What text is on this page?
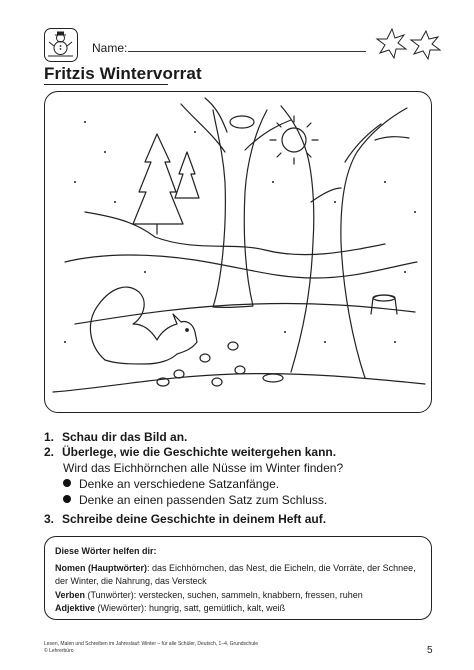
Name:
Fritzis Wintervorrat
1. Schau dir das Bild an.
2. Überlege, wie die Geschichte weitergehen kann.
Wird das Eichhörnchen alle Nüsse im Winter finden?
Denke an verschiedene Satzanfänge.
Denke an einen passenden Satz zum Schluss.
3. Schreibe deine Geschichte in deinem Heft auf.
Diese Wörter helfen dir:
Nomen (Hauptwörter): das Eichhörnchen, das Nest, die Eicheln, die Vorräte, der Schnee, der Winter, die Nahrung, das Versteck
Verben (Tunwörter): verstecken, suchen, sammeln, knabbern, fressen, ruhen
Adjektive (Wiewörter): hungrig, satt, gemütlich, kalt, weiß
Lesen, Malen und Schreiben im Jahreslauf: Winter – für alle Schüler, Deutsch, 1–4, Grundschule
© Lehrerbüro	5
